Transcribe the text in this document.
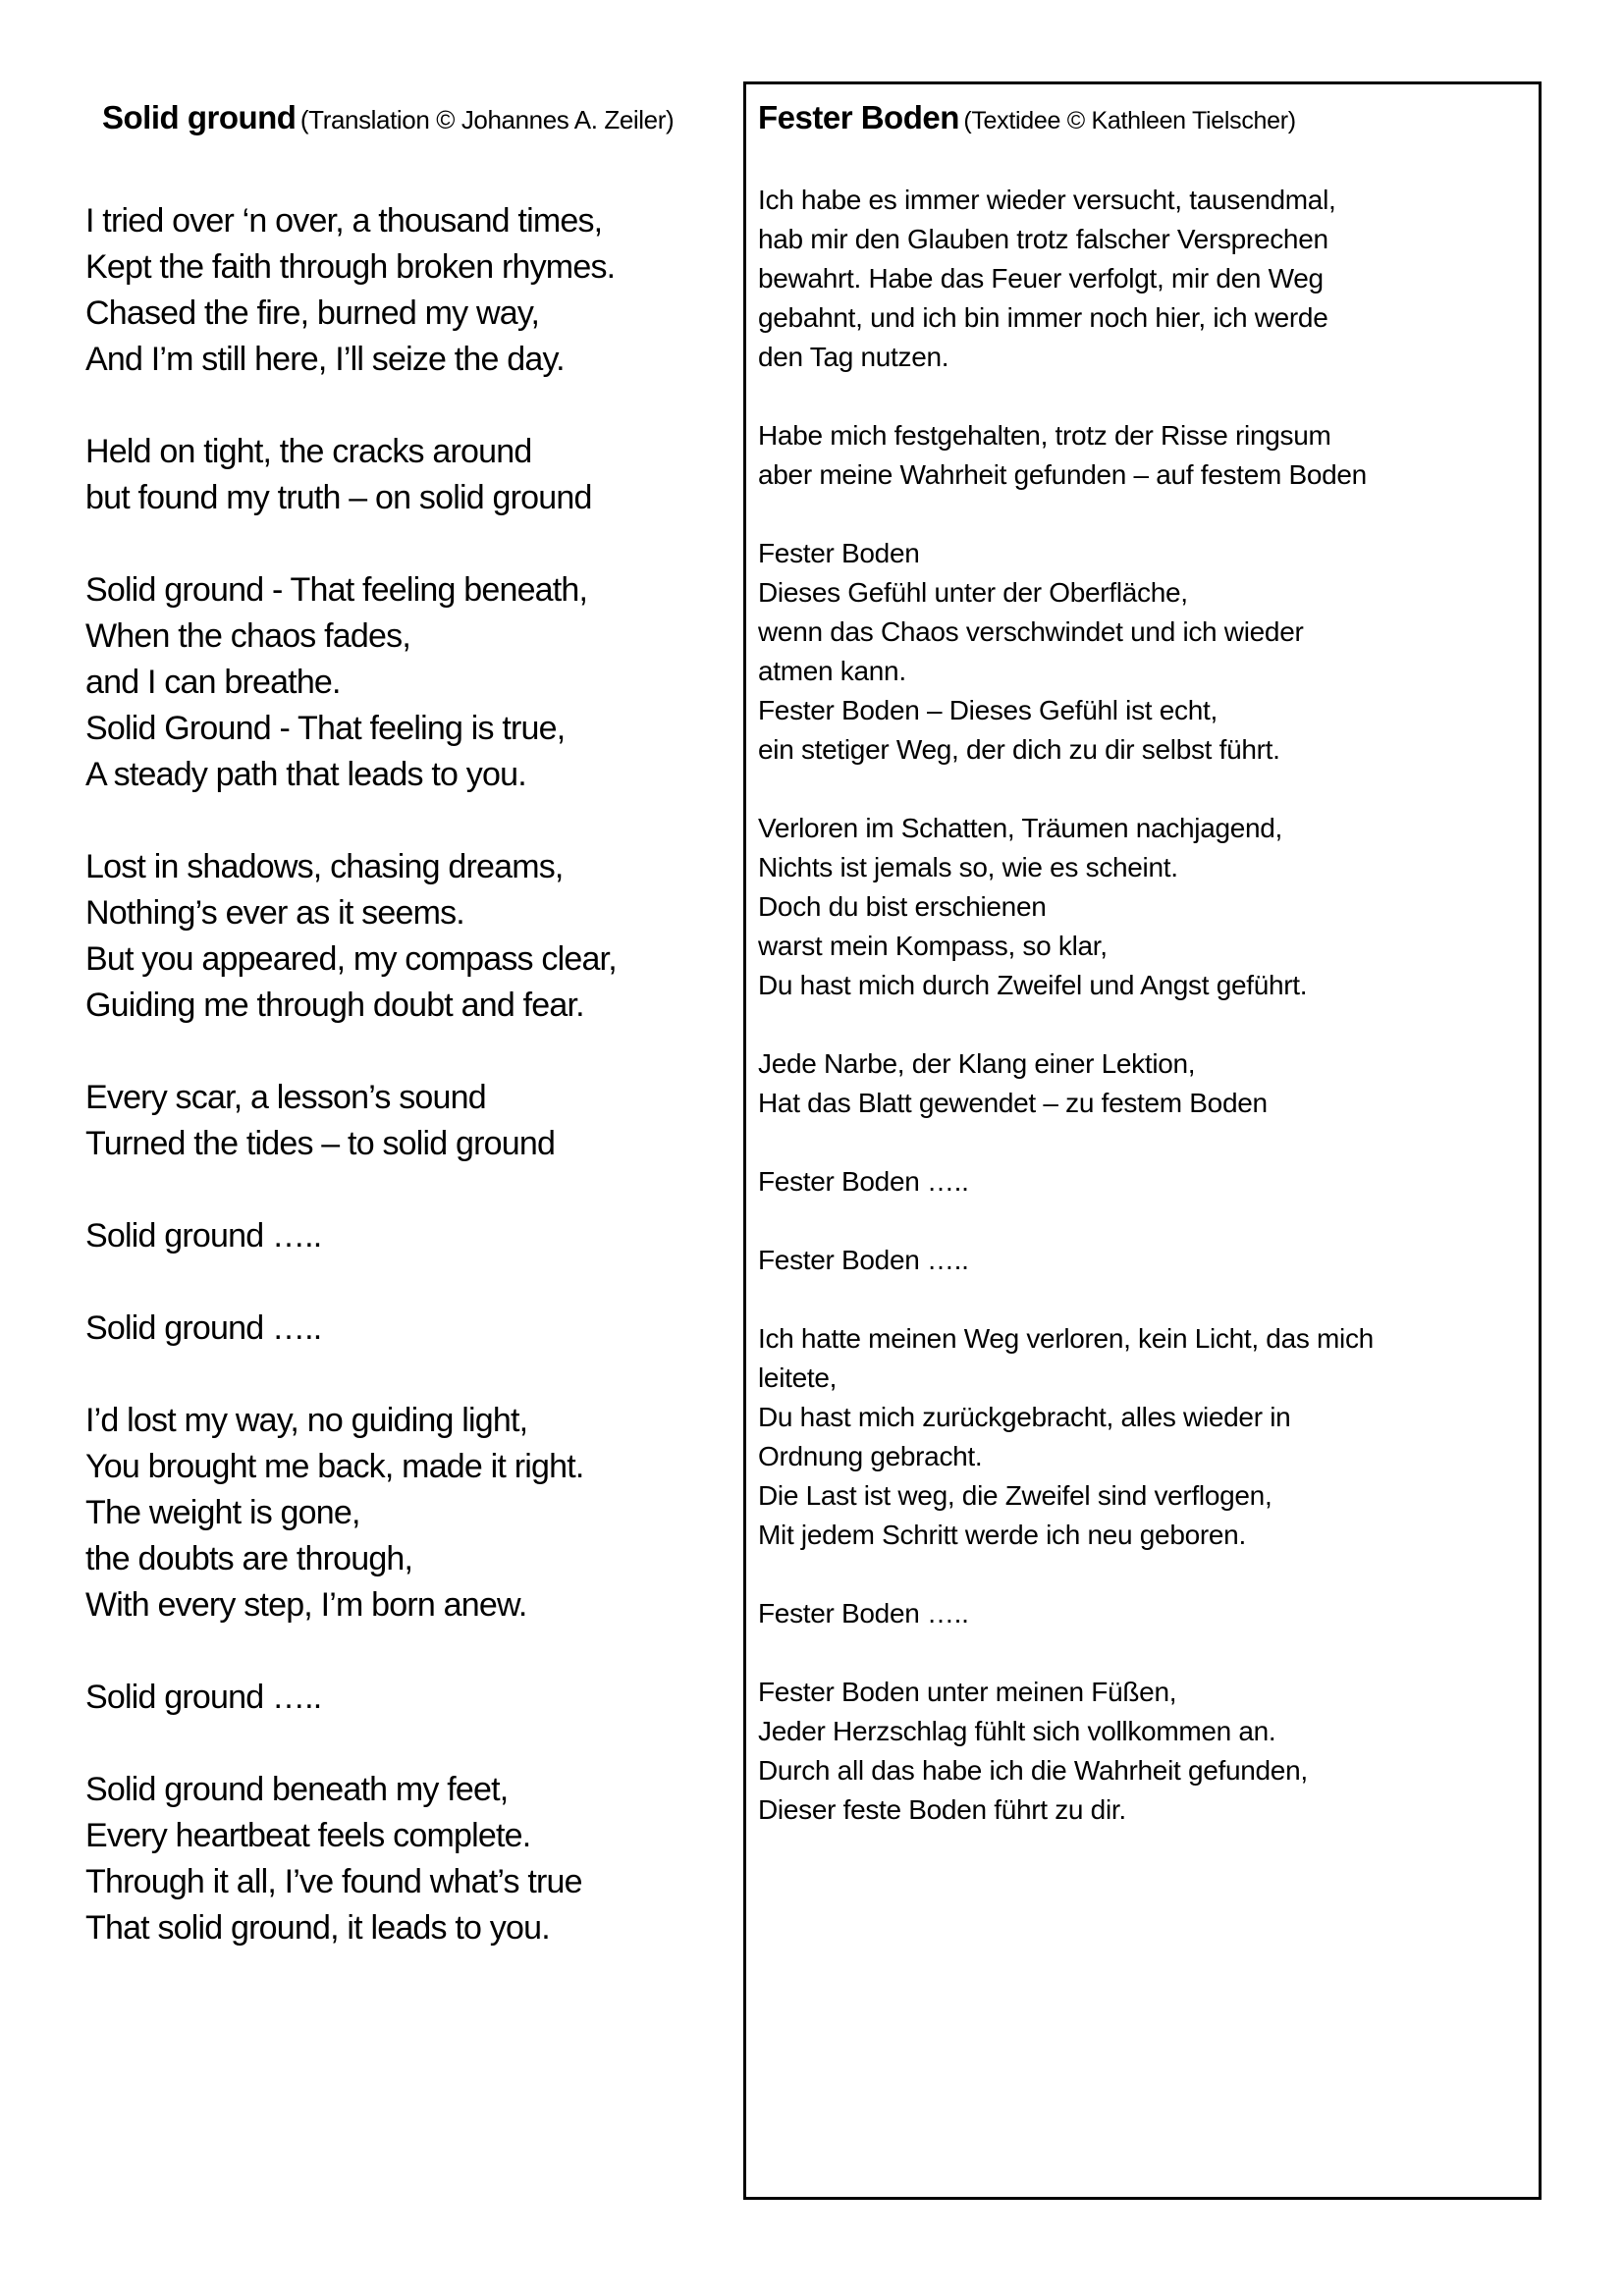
Solid ground (Translation © Johannes A. Zeiler)
I tried over ‘n over, a thousand times,
Kept the faith through broken rhymes.
Chased the fire, burned my way,
And I’m still here, I’ll seize the day.
Held on tight, the cracks around
but found my truth – on solid ground
Solid ground - That feeling beneath,
When the chaos fades,
and I can breathe.
Solid Ground - That feeling is true,
A steady path that leads to you.
Lost in shadows, chasing dreams,
Nothing’s ever as it seems.
But you appeared, my compass clear,
Guiding me through doubt and fear.
Every scar, a lesson’s sound
Turned the tides – to solid ground
Solid ground …..
Solid ground …..
I’d lost my way, no guiding light,
You brought me back, made it right.
The weight is gone,
the doubts are through,
With every step, I’m born anew.
Solid ground …..
Solid ground beneath my feet,
Every heartbeat feels complete.
Through it all, I’ve found what’s true
That solid ground, it leads to you.
Fester Boden (Textidee © Kathleen Tielscher)
Ich habe es immer wieder versucht, tausendmal,
hab mir den Glauben trotz falscher Versprechen
bewahrt. Habe das Feuer verfolgt, mir den Weg
gebahnt, und ich bin immer noch hier, ich werde
den Tag nutzen.
Habe mich festgehalten, trotz der Risse ringsum
aber meine Wahrheit gefunden – auf festem Boden
Fester Boden
Dieses Gefühl unter der Oberfläche,
wenn das Chaos verschwindet und ich wieder
atmen kann.
Fester Boden – Dieses Gefühl ist echt,
ein stetiger Weg, der dich zu dir selbst führt.
Verloren im Schatten, Träumen nachjagend,
Nichts ist jemals so, wie es scheint.
Doch du bist erschienen
warst mein Kompass, so klar,
Du hast mich durch Zweifel und Angst geführt.
Jede Narbe, der Klang einer Lektion,
Hat das Blatt gewendet – zu festem Boden
Fester Boden …..
Fester Boden …..
Ich hatte meinen Weg verloren, kein Licht, das mich
leitete,
Du hast mich zurückgebracht, alles wieder in
Ordnung gebracht.
Die Last ist weg, die Zweifel sind verflogen,
Mit jedem Schritt werde ich neu geboren.
Fester Boden …..
Fester Boden unter meinen Füßen,
Jeder Herzschlag fühlt sich vollkommen an.
Durch all das habe ich die Wahrheit gefunden,
Dieser feste Boden führt zu dir.
